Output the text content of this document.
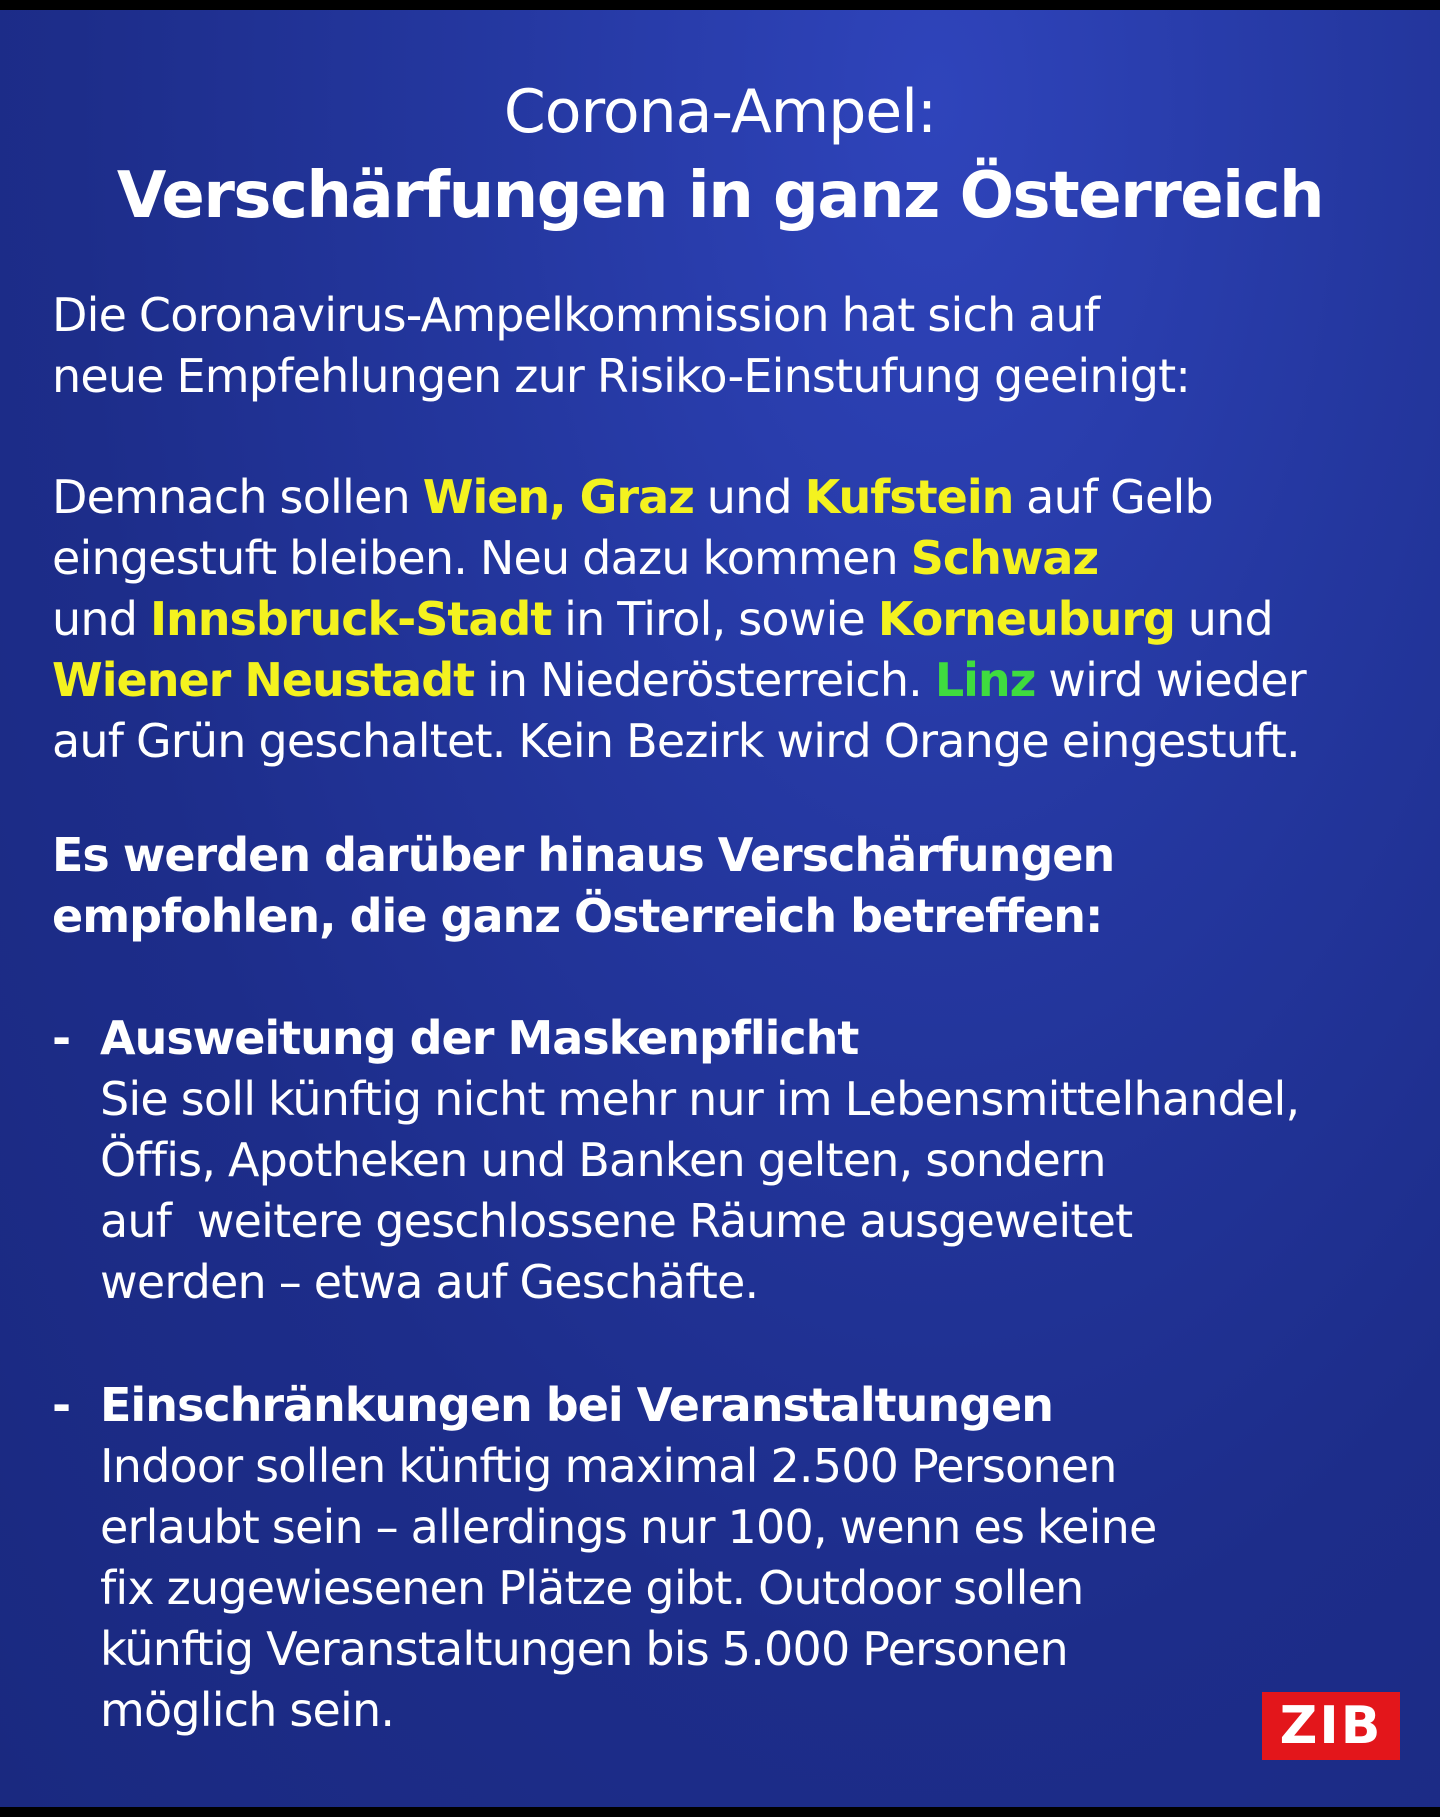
Corona-Ampel:
Verschärfungen in ganz Österreich
Die Coronavirus-Ampelkommission hat sich auf
neue Empfehlungen zur Risiko-Einstufung geeinigt:
Demnach sollen Wien, Graz und Kufstein auf Gelb
eingestuft bleiben. Neu dazu kommen Schwaz
und Innsbruck-Stadt in Tirol, sowie Korneuburg und
Wiener Neustadt in Niederösterreich. Linz wird wieder
auf Grün geschaltet. Kein Bezirk wird Orange eingestuft.
Es werden darüber hinaus Verschärfungen
empfohlen, die ganz Österreich betreffen:
- Ausweitung der Maskenpflicht
Sie soll künftig nicht mehr nur im Lebensmittelhandel,
Öffis, Apotheken und Banken gelten, sondern
auf  weitere geschlossene Räume ausgeweitet
werden – etwa auf Geschäfte.
- Einschränkungen bei Veranstaltungen
Indoor sollen künftig maximal 2.500 Personen
erlaubt sein – allerdings nur 100, wenn es keine
fix zugewiesenen Plätze gibt. Outdoor sollen
künftig Veranstaltungen bis 5.000 Personen
möglich sein.	ZIB
